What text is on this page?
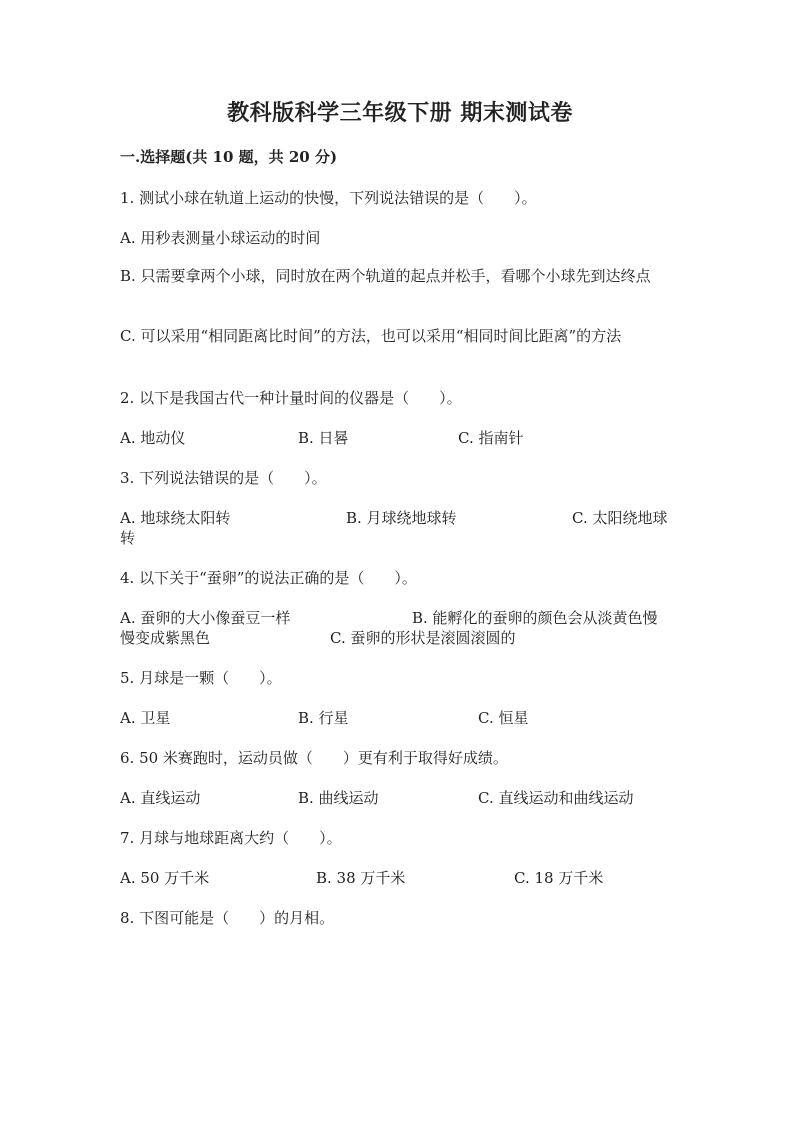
教科版科学三年级下册 期末测试卷
一.选择题(共 10 题，共 20 分)
1. 测试小球在轨道上运动的快慢，下列说法错误的是（　　）。
A. 用秒表测量小球运动的时间
B. 只需要拿两个小球，同时放在两个轨道的起点并松手，看哪个小球先到达终点
C. 可以采用“相同距离比时间”的方法，也可以采用“相同时间比距离”的方法
2. 以下是我国古代一种计量时间的仪器是（　　）。
A. 地动仪	B. 日晷	C. 指南针
3. 下列说法错误的是（　　）。
A. 地球绕太阳转	B. 月球绕地球转	C. 太阳绕地球
转
4. 以下关于“蚕卵”的说法正确的是（　　）。
A. 蚕卵的大小像蚕豆一样	B. 能孵化的蚕卵的颜色会从淡黄色慢
慢变成紫黑色	C. 蚕卵的形状是滚圆滚圆的
5. 月球是一颗（　　）。
A. 卫星	B. 行星	C. 恒星
6. 50 米赛跑时，运动员做（　　）更有利于取得好成绩。
A. 直线运动	B. 曲线运动	C. 直线运动和曲线运动
7. 月球与地球距离大约（　　）。
A. 50 万千米	B. 38 万千米	C. 18 万千米
8. 下图可能是（　　）的月相。
